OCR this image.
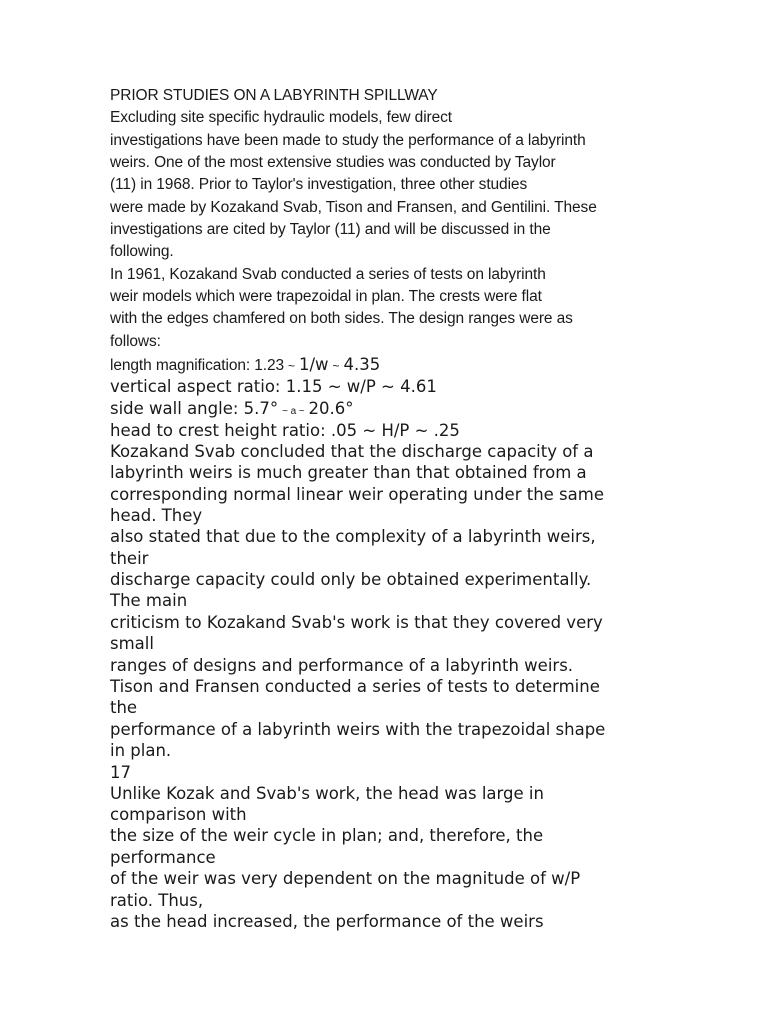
PRIOR STUDIES ON A LABYRINTH SPILLWAY
Excluding site specific hydraulic models, few direct
investigations have been made to study the performance of a labyrinth
weirs. One of the most extensive studies was conducted by Taylor
(11) in 1968. Prior to Taylor's investigation, three other studies
were made by Kozakand Svab, Tison and Fransen, and Gentilini. These
investigations are cited by Taylor (11) and will be discussed in the
following.
In 1961, Kozakand Svab conducted a series of tests on labyrinth
weir models which were trapezoidal in plan. The crests were flat
with the edges chamfered on both sides. The design ranges were as
follows:
length magnification: 1.23 ~ 1/w ~ 4.35
vertical aspect ratio: 1.15 ~ w/P ~ 4.61
side wall angle: 5.7° ~ a ~ 20.6°
head to crest height ratio: .05 ~ H/P ~ .25
Kozakand Svab concluded that the discharge capacity of a
labyrinth weirs is much greater than that obtained from a
corresponding normal linear weir operating under the same
head. They
also stated that due to the complexity of a labyrinth weirs,
their
discharge capacity could only be obtained experimentally.
The main
criticism to Kozakand Svab's work is that they covered very
small
ranges of designs and performance of a labyrinth weirs.
Tison and Fransen conducted a series of tests to determine
the
performance of a labyrinth weirs with the trapezoidal shape
in plan.
17
Unlike Kozak and Svab's work, the head was large in
comparison with
the size of the weir cycle in plan; and, therefore, the
performance
of the weir was very dependent on the magnitude of w/P
ratio. Thus,
as the head increased, the performance of the weirs
